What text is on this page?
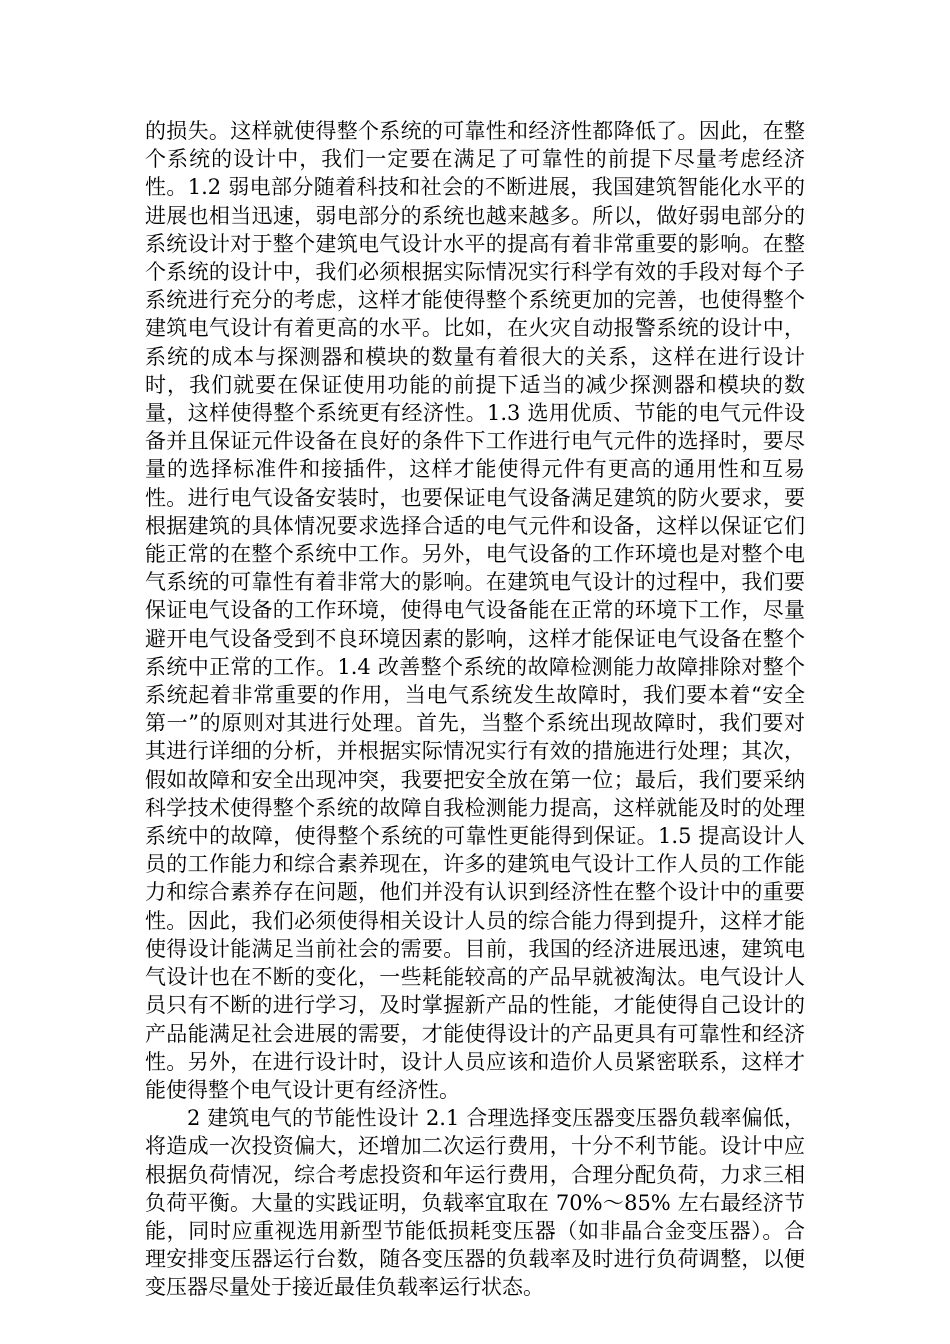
的损失。这样就使得整个系统的可靠性和经济性都降低了。因此，在整个系统的设计中，我们一定要在满足了可靠性的前提下尽量考虑经济性。1.2 弱电部分随着科技和社会的不断进展，我国建筑智能化水平的进展也相当迅速，弱电部分的系统也越来越多。所以，做好弱电部分的系统设计对于整个建筑电气设计水平的提高有着非常重要的影响。在整个系统的设计中，我们必须根据实际情况实行科学有效的手段对每个子系统进行充分的考虑，这样才能使得整个系统更加的完善，也使得整个建筑电气设计有着更高的水平。比如，在火灾自动报警系统的设计中，系统的成本与探测器和模块的数量有着很大的关系，这样在进行设计时，我们就要在保证使用功能的前提下适当的减少探测器和模块的数量，这样使得整个系统更有经济性。1.3 选用优质、节能的电气元件设备并且保证元件设备在良好的条件下工作进行电气元件的选择时，要尽量的选择标准件和接插件，这样才能使得元件有更高的通用性和互易性。进行电气设备安装时，也要保证电气设备满足建筑的防火要求，要根据建筑的具体情况要求选择合适的电气元件和设备，这样以保证它们能正常的在整个系统中工作。另外，电气设备的工作环境也是对整个电气系统的可靠性有着非常大的影响。在建筑电气设计的过程中，我们要保证电气设备的工作环境，使得电气设备能在正常的环境下工作，尽量避开电气设备受到不良环境因素的影响，这样才能保证电气设备在整个系统中正常的工作。1.4 改善整个系统的故障检测能力故障排除对整个系统起着非常重要的作用，当电气系统发生故障时，我们要本着“安全第一”的原则对其进行处理。首先，当整个系统出现故障时，我们要对其进行详细的分析，并根据实际情况实行有效的措施进行处理；其次，假如故障和安全出现冲突，我要把安全放在第一位；最后，我们要采纳科学技术使得整个系统的故障自我检测能力提高，这样就能及时的处理系统中的故障，使得整个系统的可靠性更能得到保证。1.5 提高设计人员的工作能力和综合素养现在，许多的建筑电气设计工作人员的工作能力和综合素养存在问题，他们并没有认识到经济性在整个设计中的重要性。因此，我们必须使得相关设计人员的综合能力得到提升，这样才能使得设计能满足当前社会的需要。目前，我国的经济进展迅速，建筑电气设计也在不断的变化，一些耗能较高的产品早就被淘汰。电气设计人员只有不断的进行学习，及时掌握新产品的性能，才能使得自己设计的产品能满足社会进展的需要，才能使得设计的产品更具有可靠性和经济性。另外，在进行设计时，设计人员应该和造价人员紧密联系，这样才能使得整个电气设计更有经济性。

2 建筑电气的节能性设计 2.1 合理选择变压器变压器负载率偏低，将造成一次投资偏大，还增加二次运行费用，十分不利节能。设计中应根据负荷情况，综合考虑投资和年运行费用，合理分配负荷，力求三相负荷平衡。大量的实践证明，负载率宜取在 70%～85% 左右最经济节能，同时应重视选用新型节能低损耗变压器（如非晶合金变压器）。合理安排变压器运行台数，随各变压器的负载率及时进行负荷调整，以便变压器尽量处于接近最佳负载率运行状态。
